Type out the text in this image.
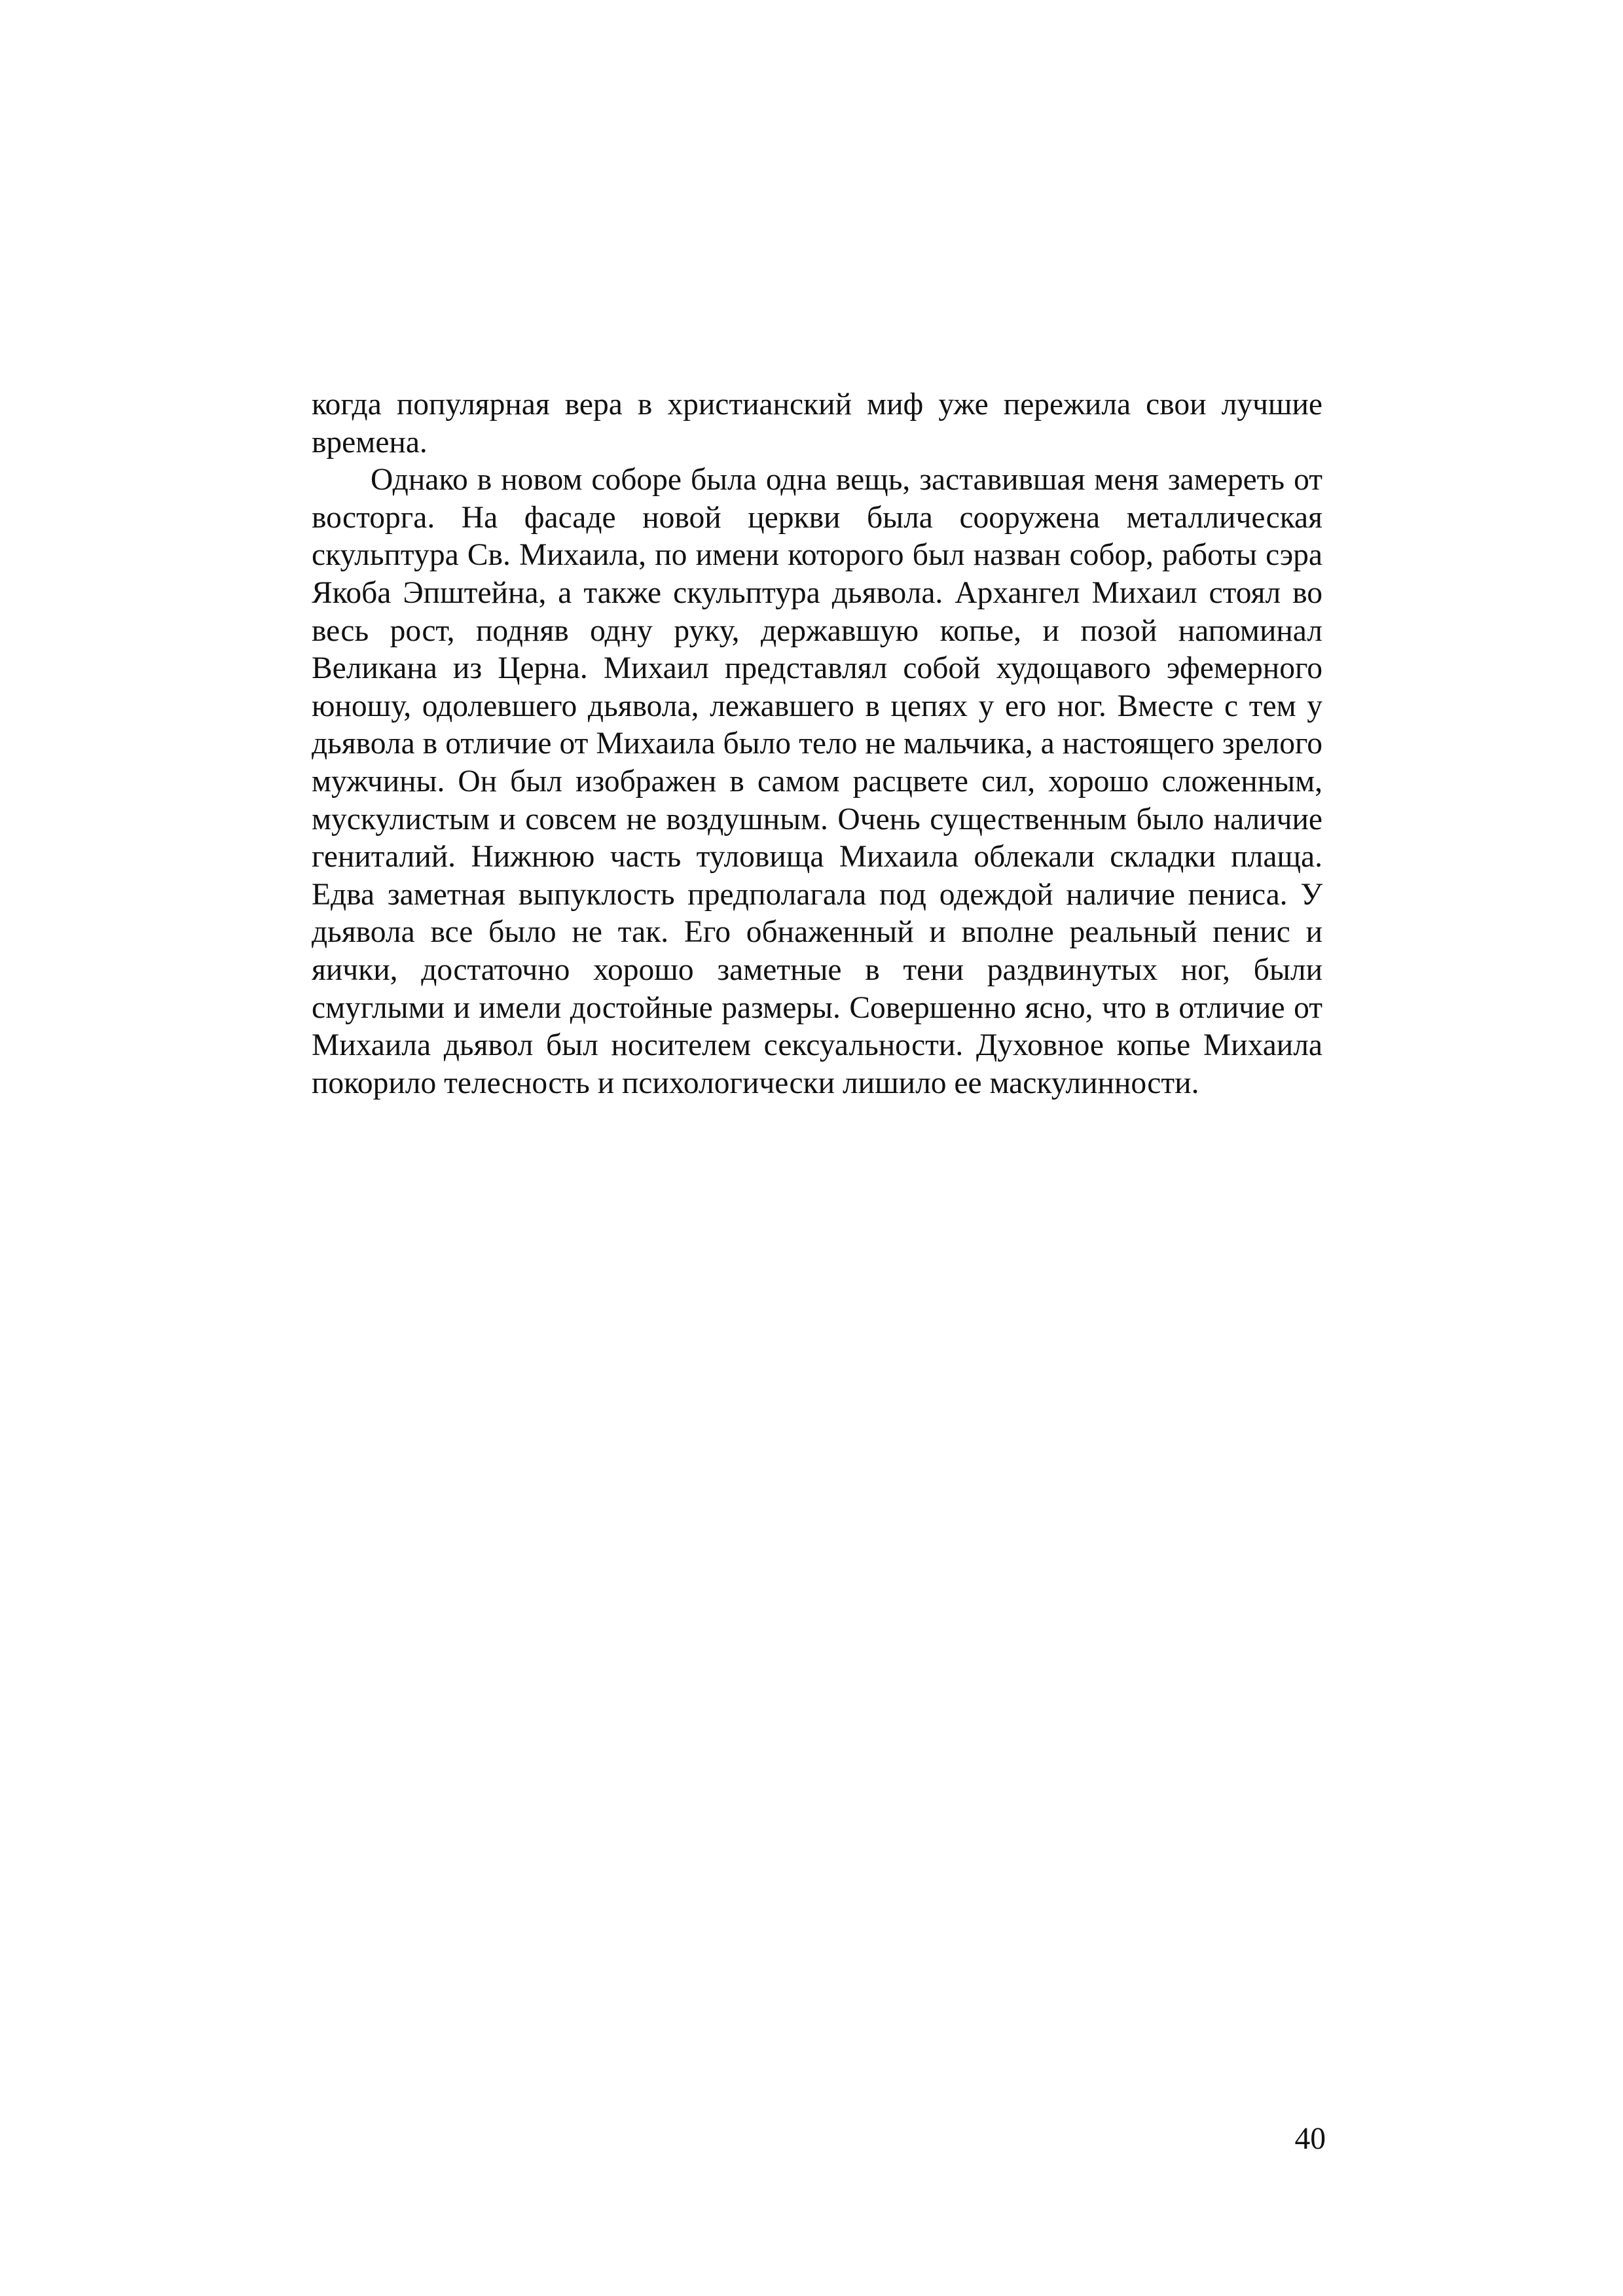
когда популярная вера в христианский миф уже пережила свои лучшие времена.

Однако в новом соборе была одна вещь, заставившая меня замереть от восторга. На фасаде новой церкви была сооружена металлическая скульптура Св. Михаила, по имени которого был назван собор, работы сэра Якоба Эпштейна, а также скульптура дьявола. Архангел Михаил стоял во весь рост, подняв одну руку, державшую копье, и позой напоминал Великана из Церна. Михаил представлял собой худощавого эфемерного юношу, одолевшего дьявола, лежавшего в цепях у его ног. Вместе с тем у дьявола в отличие от Михаила было тело не мальчика, а настоящего зрелого мужчины. Он был изображен в самом расцвете сил, хорошо сложенным, мускулистым и совсем не воздушным. Очень существенным было наличие гениталий. Нижнюю часть туловища Михаила облекали складки плаща. Едва заметная выпуклость предполагала под одеждой наличие пениса. У дьявола все было не так. Его обнаженный и вполне реальный пенис и яички, достаточно хорошо заметные в тени раздвинутых ног, были смуглыми и имели достойные размеры. Совершенно ясно, что в отличие от Михаила дьявол был носителем сексуальности. Духовное копье Михаила покорило телесность и психологически лишило ее маскулинности.

40
